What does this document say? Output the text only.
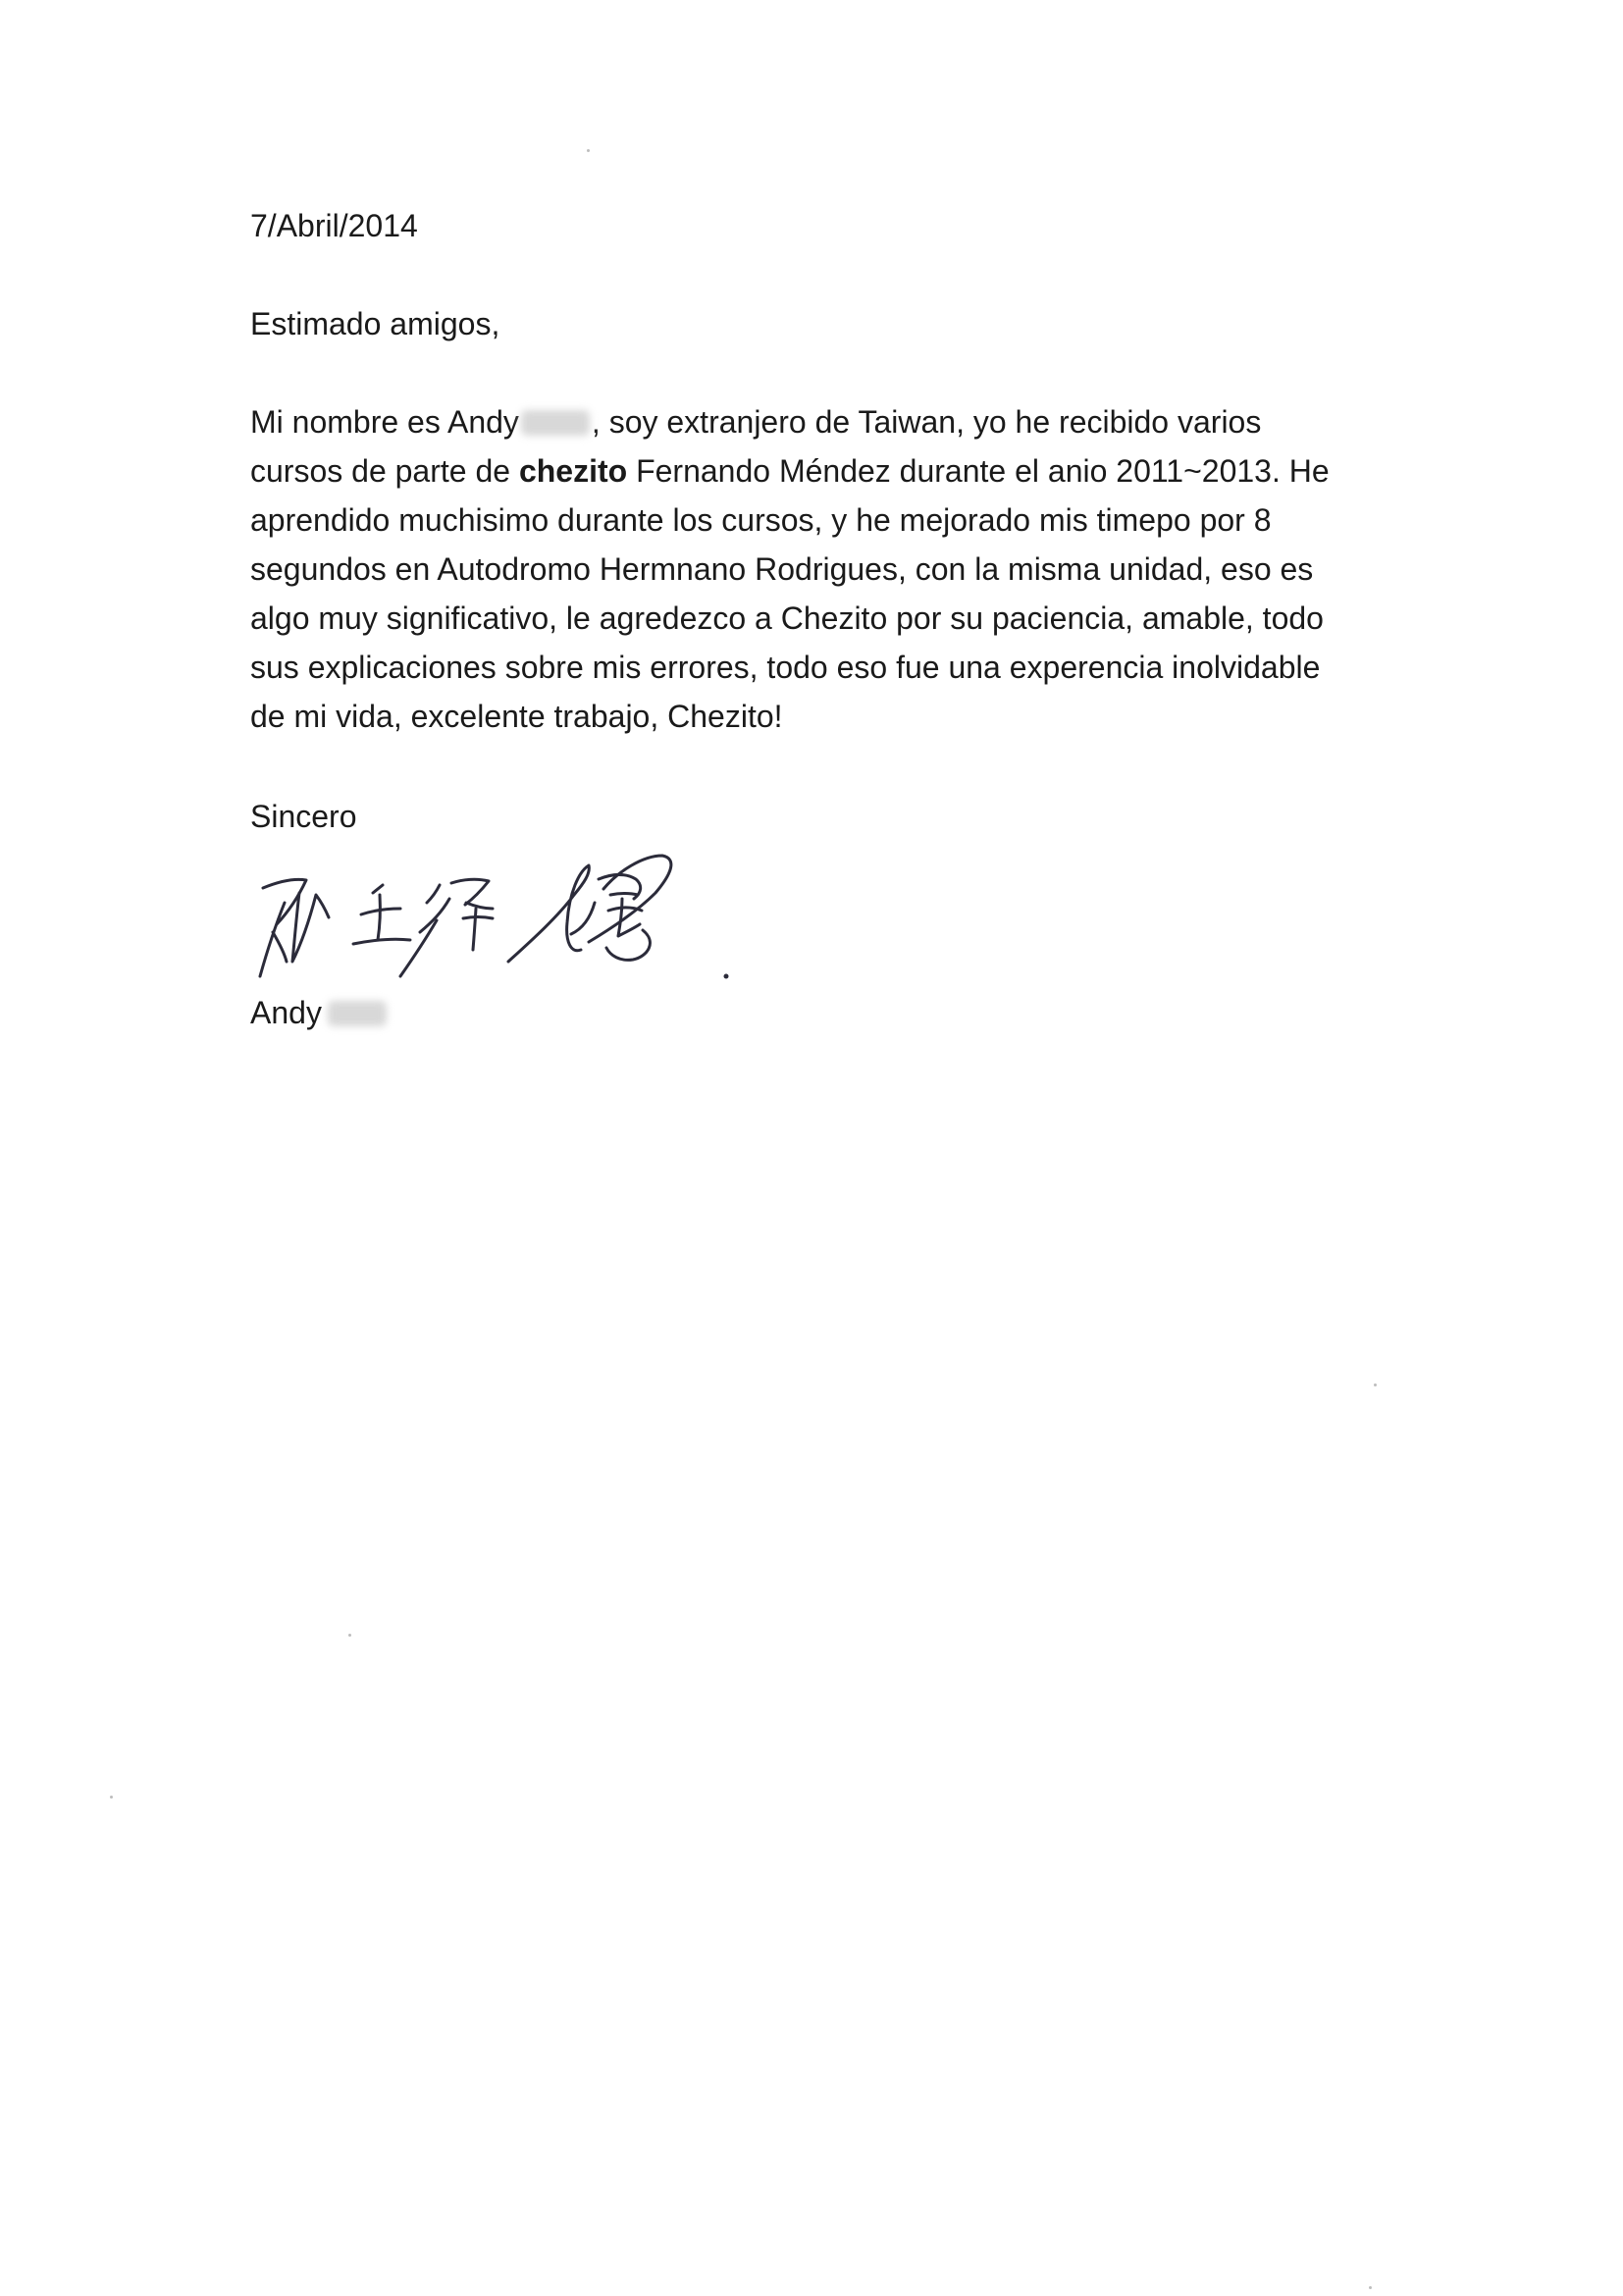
7/Abril/2014
Estimado amigos,
Mi nombre es Andy , soy extranjero de Taiwan, yo he recibido varios
cursos de parte de chezito Fernando Méndez durante el anio 2011~2013. He
aprendido muchisimo durante los cursos, y he mejorado mis timepo por 8
segundos en Autodromo Hermnano Rodrigues, con la misma unidad, eso es
algo muy significativo, le agredezco a Chezito por su paciencia, amable, todo
sus explicaciones sobre mis errores, todo eso fue una experencia inolvidable
de mi vida, excelente trabajo, Chezito!
Sincero
Andy
